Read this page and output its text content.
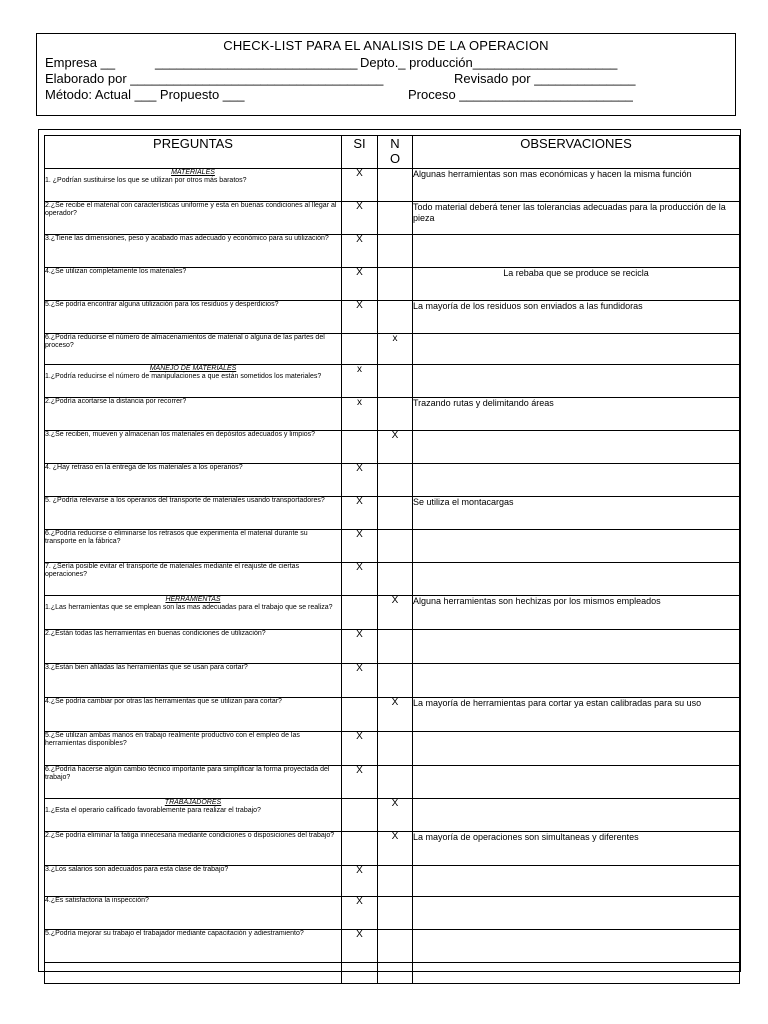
CHECK-LIST PARA EL ANALISIS DE LA OPERACION
Empresa __	____________________________ Depto._ producción____________________
Elaborado por ___________________________________	Revisado por ______________
Método: Actual ___ Propuesto ___	Proceso ________________________
PREGUNTAS	SI	N
O	OBSERVACIONES

MATERIALES
1. ¿Podrían sustituirse los que se utilizan por otros más baratos?	X		Algunas herramientas son mas económicas y hacen la misma función

2.¿Se recibe el material con características uniforme y esta en buenas condiciones al llegar al operador?	X		Todo material deberá tener las tolerancias adecuadas para la producción de la pieza

3.¿Tiene las dimensiones, peso y acabado mas adecuado y económico para su utilización?	X		

4.¿Se utilizan completamente los materiales?	X		La rebaba que se produce se recicla

5.¿Se podría encontrar alguna utilización para los residuos y desperdicios?	X		La mayoría de los residuos son enviados a las fundidoras

6.¿Podría reducirse el número de almacenamientos de material o alguna de las partes del proceso?		x	

MANEJO DE MATERIALES
1.¿Podría reducirse el número de manipulaciones a que están sometidos los materiales?	x		

2.¿Podría acortarse la distancia por recorrer?	x		Trazando rutas y delimitando áreas

3.¿Se reciben, mueven y almacenan los materiales en depósitos adecuados y limpios?		X	

4. ¿Hay retraso en la entrega de los materiales a los operarios?	X		

5. ¿Podría relevarse a los operarios del transporte de materiales usando transportadores?	X		Se utiliza el montacargas

6.¿Podría reducirse o eliminarse los retrasos que experimenta el material durante su transporte en la fábrica?	X		

7. ¿Sería posible evitar el transporte de materiales mediante el reajuste de ciertas operaciones?	X		

HERRAMIENTAS
1.¿Las herramientas que se emplean son las mas adecuadas para el trabajo que se realiza?		X	Alguna herramientas son hechizas por los mismos empleados

2.¿Están todas las herramientas en buenas condiciones de utilización?	X		

3.¿Están bien afiladas las herramientas que se usan para cortar?	X		

4.¿Se podría cambiar por otras las herramientas que se utilizan para cortar?		X	La mayoría de herramientas para cortar ya estan calibradas para su uso

5.¿Se utilizan ambas manos en trabajo realmente productivo con el empleo de las herramientas disponibles?	X		

6.¿Podría hacerse algún cambio técnico importante para simplificar la forma proyectada del trabajo?	X		

TRABAJADORES
1.¿Esta el operario calificado favorablemente para realizar el trabajo?		X	

2.¿Se podría eliminar la fatiga innecesaria mediante condiciones o disposiciones del trabajo?		X	La mayoría de operaciones son simultaneas y diferentes

3.¿Los salarios son adecuados para esta clase de trabajo?	X		

4.¿Es satisfactoria la inspección?	X		

5.¿Podría mejorar su trabajo el trabajador mediante capacitación y adiestramiento?	X		
